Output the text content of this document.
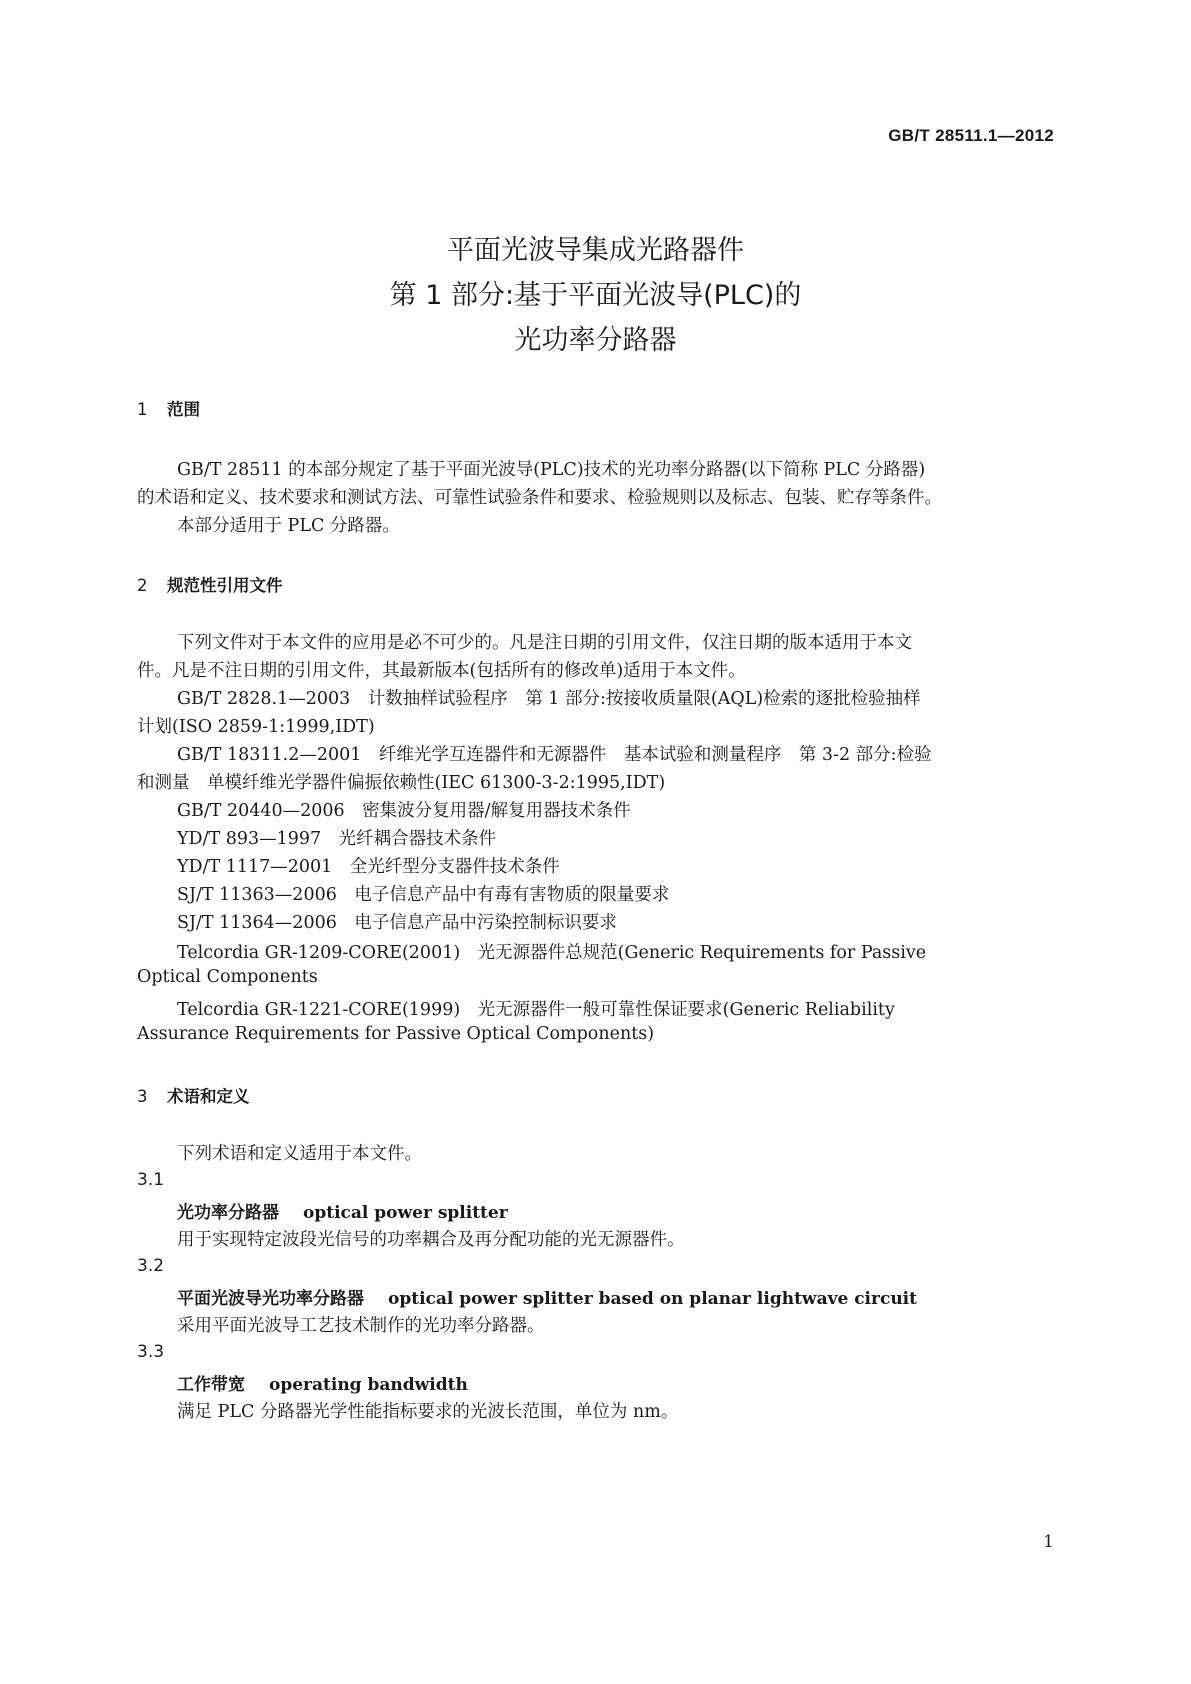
GB/T 28511.1—2012
平面光波导集成光路器件
第 1 部分:基于平面光波导(PLC)的
光功率分路器
1 范围
GB/T 28511 的本部分规定了基于平面光波导(PLC)技术的光功率分路器(以下简称 PLC 分路器)
的术语和定义、技术要求和测试方法、可靠性试验条件和要求、检验规则以及标志、包装、贮存等条件。
本部分适用于 PLC 分路器。
2 规范性引用文件
下列文件对于本文件的应用是必不可少的。凡是注日期的引用文件，仅注日期的版本适用于本文
件。凡是不注日期的引用文件，其最新版本(包括所有的修改单)适用于本文件。
GB/T 2828.1—2003　计数抽样试验程序　第 1 部分:按接收质量限(AQL)检索的逐批检验抽样
计划(ISO 2859-1:1999,IDT)
GB/T 18311.2—2001　纤维光学互连器件和无源器件　基本试验和测量程序　第 3-2 部分:检验
和测量　单模纤维光学器件偏振依赖性(IEC 61300-3-2:1995,IDT)
GB/T 20440—2006　密集波分复用器/解复用器技术条件
YD/T 893—1997　光纤耦合器技术条件
YD/T 1117—2001　全光纤型分支器件技术条件
SJ/T 11363—2006　电子信息产品中有毒有害物质的限量要求
SJ/T 11364—2006　电子信息产品中污染控制标识要求
Telcordia GR-1209-CORE(2001)　光无源器件总规范(Generic Requirements for Passive
Optical Components
Telcordia GR-1221-CORE(1999)　光无源器件一般可靠性保证要求(Generic Reliability
Assurance Requirements for Passive Optical Components)
3 术语和定义
下列术语和定义适用于本文件。
3.1
光功率分路器 optical power splitter
用于实现特定波段光信号的功率耦合及再分配功能的光无源器件。
3.2
平面光波导光功率分路器 optical power splitter based on planar lightwave circuit
采用平面光波导工艺技术制作的光功率分路器。
3.3
工作带宽 operating bandwidth
满足 PLC 分路器光学性能指标要求的光波长范围，单位为 nm。
1
